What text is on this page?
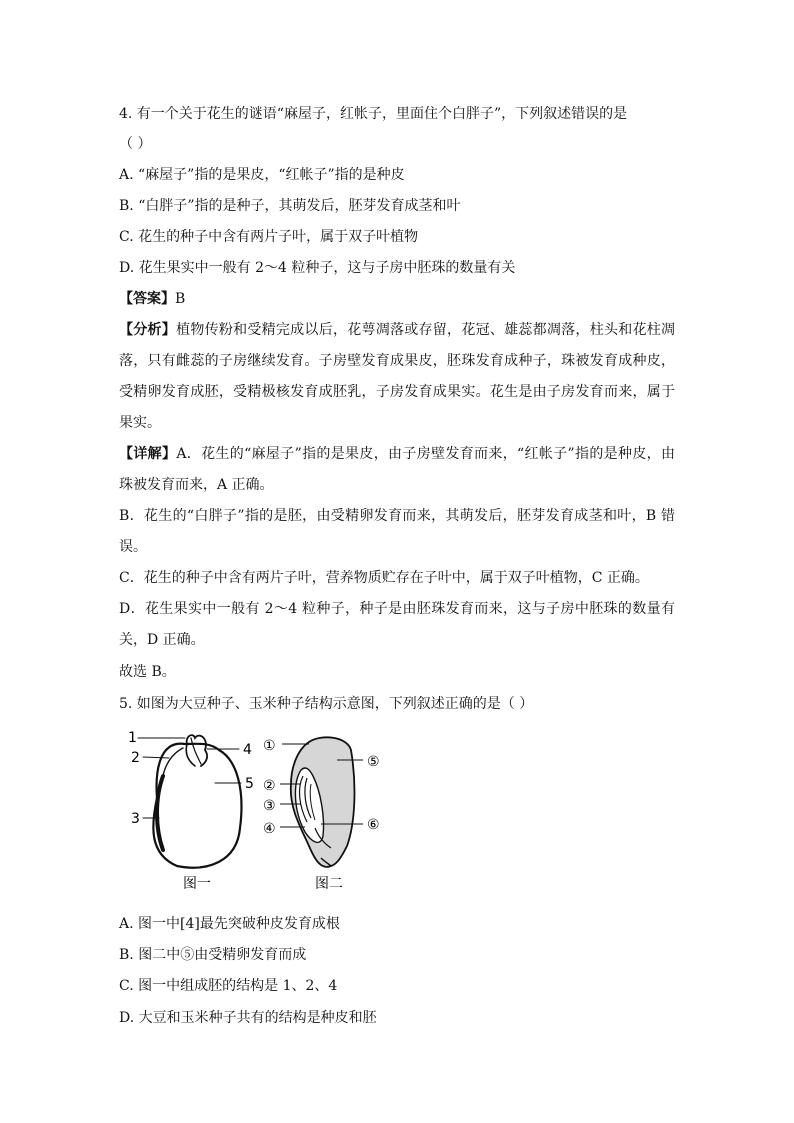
4. 有一个关于花生的谜语“麻屋子，红帐子，里面住个白胖子”，下列叙述错误的是
（ ）
A. “麻屋子”指的是果皮，“红帐子”指的是种皮
B. “白胖子”指的是种子，其萌发后，胚芽发育成茎和叶
C. 花生的种子中含有两片子叶，属于双子叶植物
D. 花生果实中一般有 2～4 粒种子，这与子房中胚珠的数量有关
【答案】B
【分析】植物传粉和受精完成以后，花萼凋落或存留，花冠、雄蕊都凋落，柱头和花柱凋落，只有雌蕊的子房继续发育。子房壁发育成果皮，胚珠发育成种子，珠被发育成种皮，受精卵发育成胚，受精极核发育成胚乳，子房发育成果实。花生是由子房发育而来，属于果实。
【详解】A．花生的“麻屋子”指的是果皮，由子房壁发育而来，“红帐子”指的是种皮，由珠被发育而来，A 正确。
B．花生的“白胖子”指的是胚，由受精卵发育而来，其萌发后，胚芽发育成茎和叶，B 错误。
C．花生的种子中含有两片子叶，营养物质贮存在子叶中，属于双子叶植物，C 正确。
D．花生果实中一般有 2～4 粒种子，种子是由胚珠发育而来，这与子房中胚珠的数量有关，D 正确。
故选 B。
5. 如图为大豆种子、玉米种子结构示意图，下列叙述正确的是（ ）
1
2
3
4
5
图一
①
②
③
④
⑤
⑥
图二
A. 图一中[4]最先突破种皮发育成根
B. 图二中⑤由受精卵发育而成
C. 图一中组成胚的结构是 1、2、4
D. 大豆和玉米种子共有的结构是种皮和胚
